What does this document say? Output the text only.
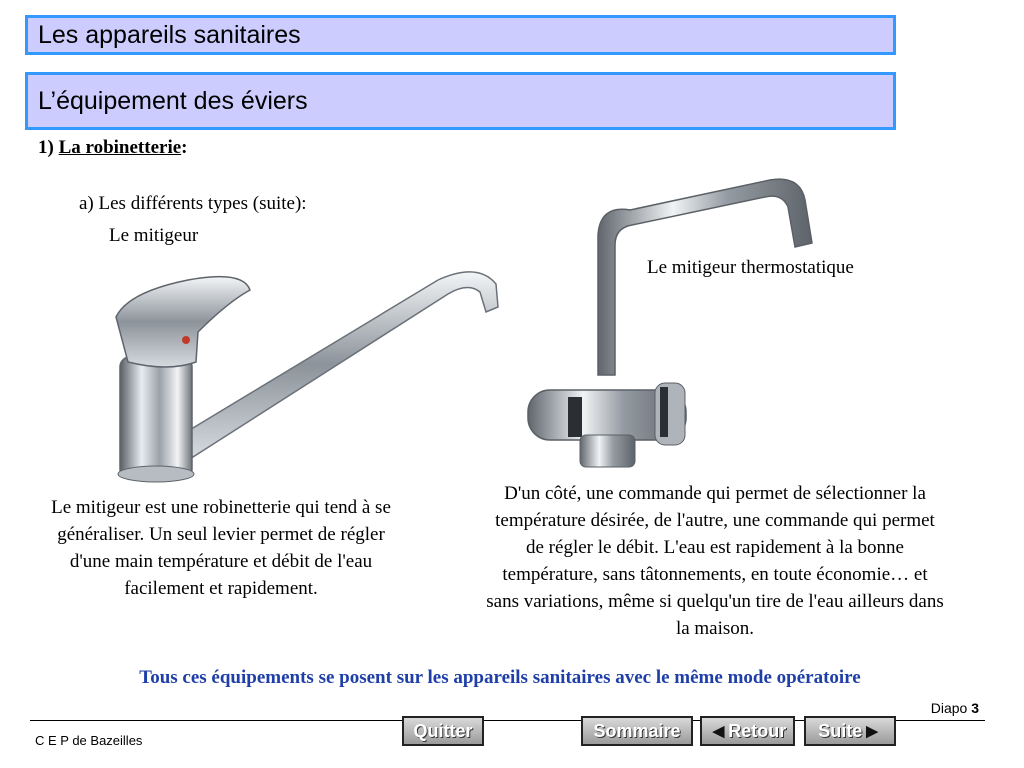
Les appareils sanitaires
L’équipement des éviers
1) La robinetterie:
a) Les différents types (suite):
Le mitigeur
Le mitigeur thermostatique
Le mitigeur est une robinetterie qui tend à se généraliser. Un seul levier permet de régler d'une main température et débit de l'eau facilement et rapidement.
D'un côté, une commande qui permet de sélectionner la température désirée, de l'autre, une commande qui permet de régler le débit. L'eau est rapidement à la bonne température, sans tâtonnements, en toute économie… et sans variations, même si quelqu'un tire de l'eau ailleurs dans la maison.
Tous ces équipements se posent sur les appareils sanitaires avec le même mode opératoire
Diapo 3
C E P de Bazeilles	Quitter	Sommaire ◀ Retour Suite ▶
